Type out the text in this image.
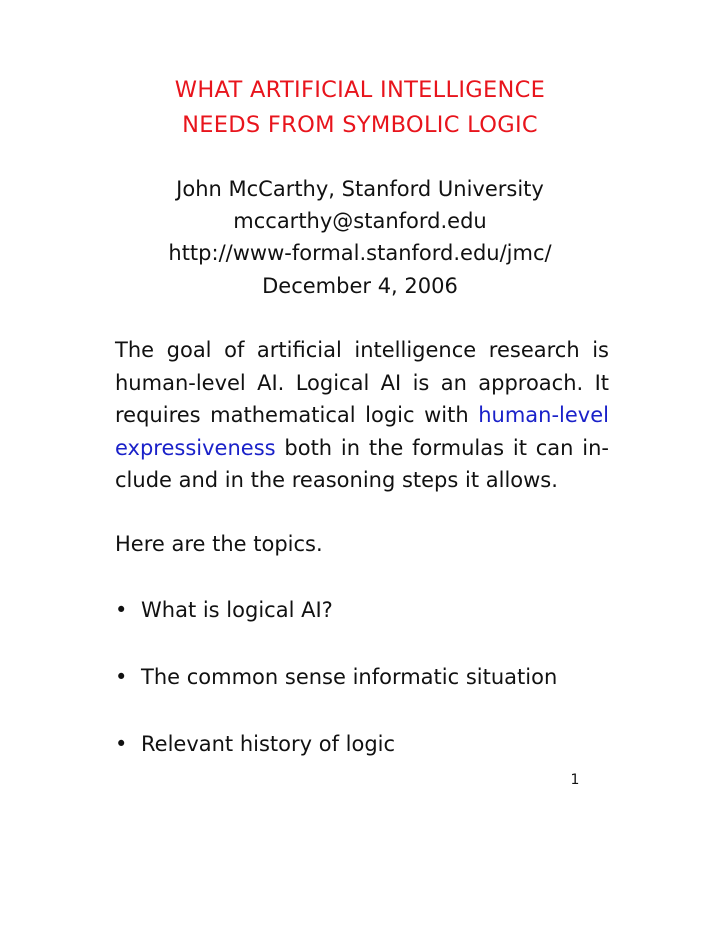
WHAT ARTIFICIAL INTELLIGENCE
NEEDS FROM SYMBOLIC LOGIC

John McCarthy, Stanford University

mccarthy@stanford.edu

http://www-formal.stanford.edu/jmc/

December 4, 2006

The goal of artificial intelligence research is
human-level AI. Logical AI is an approach. It
requires mathematical logic with human-level
expressiveness both in the formulas it can in-
clude and in the reasoning steps it allows.

Here are the topics.

• What is logical AI?

• The common sense informatic situation

• Relevant history of logic

1
